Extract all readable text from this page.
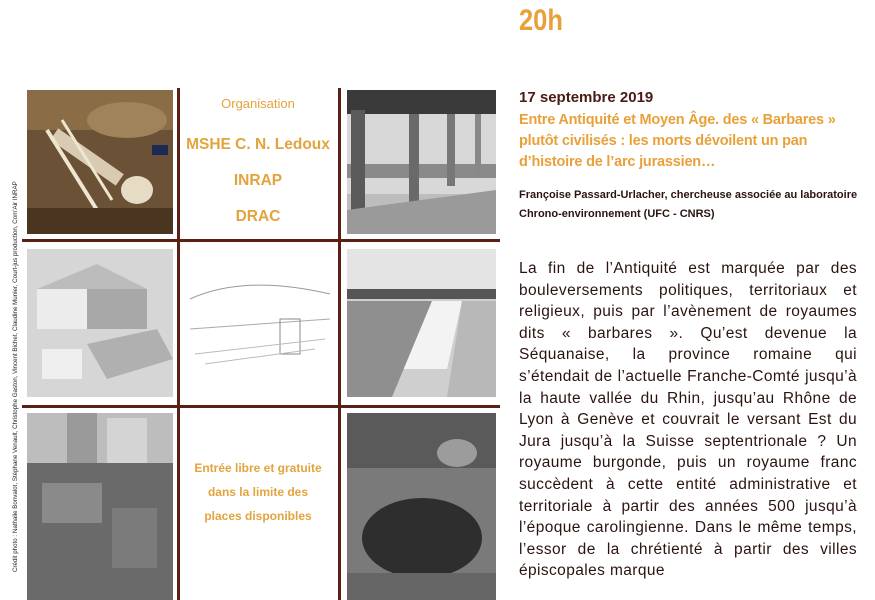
20h
Crédit photo : Nathalie Bonvalot, Stéphane Venault, Christophe Gaston, Vincent Bichet, Claudine Munier, Court-jus production, Com'Air INRAP
Organisation
MSHE C. N. Ledoux
INRAP
DRAC
Entrée libre et gratuite
dans la limite des
places disponibles
17 septembre 2019
Entre Antiquité et Moyen Âge. des « Barbares » plutôt civilisés : les morts dévoilent un pan d’histoire de l’arc jurassien…
Françoise Passard-Urlacher, chercheuse associée au laboratoire Chrono-environnement (UFC - CNRS)
La fin de l’Antiquité est marquée par des bouleversements politiques, territoriaux et religieux, puis par l’avènement de royaumes dits « barbares ». Qu’est devenue la Séquanaise, la province romaine qui s’étendait de l’actuelle Franche-Comté jusqu’à la haute vallée du Rhin, jusqu’au Rhône de Lyon à Genève et couvrait le versant Est du Jura jusqu’à la Suisse septentrionale ? Un royaume burgonde, puis un royaume franc succèdent à cette entité administrative et territoriale à partir des années 500 jusqu’à l’époque carolingienne. Dans le même temps, l’essor de la chrétienté à partir des villes épiscopales marque
